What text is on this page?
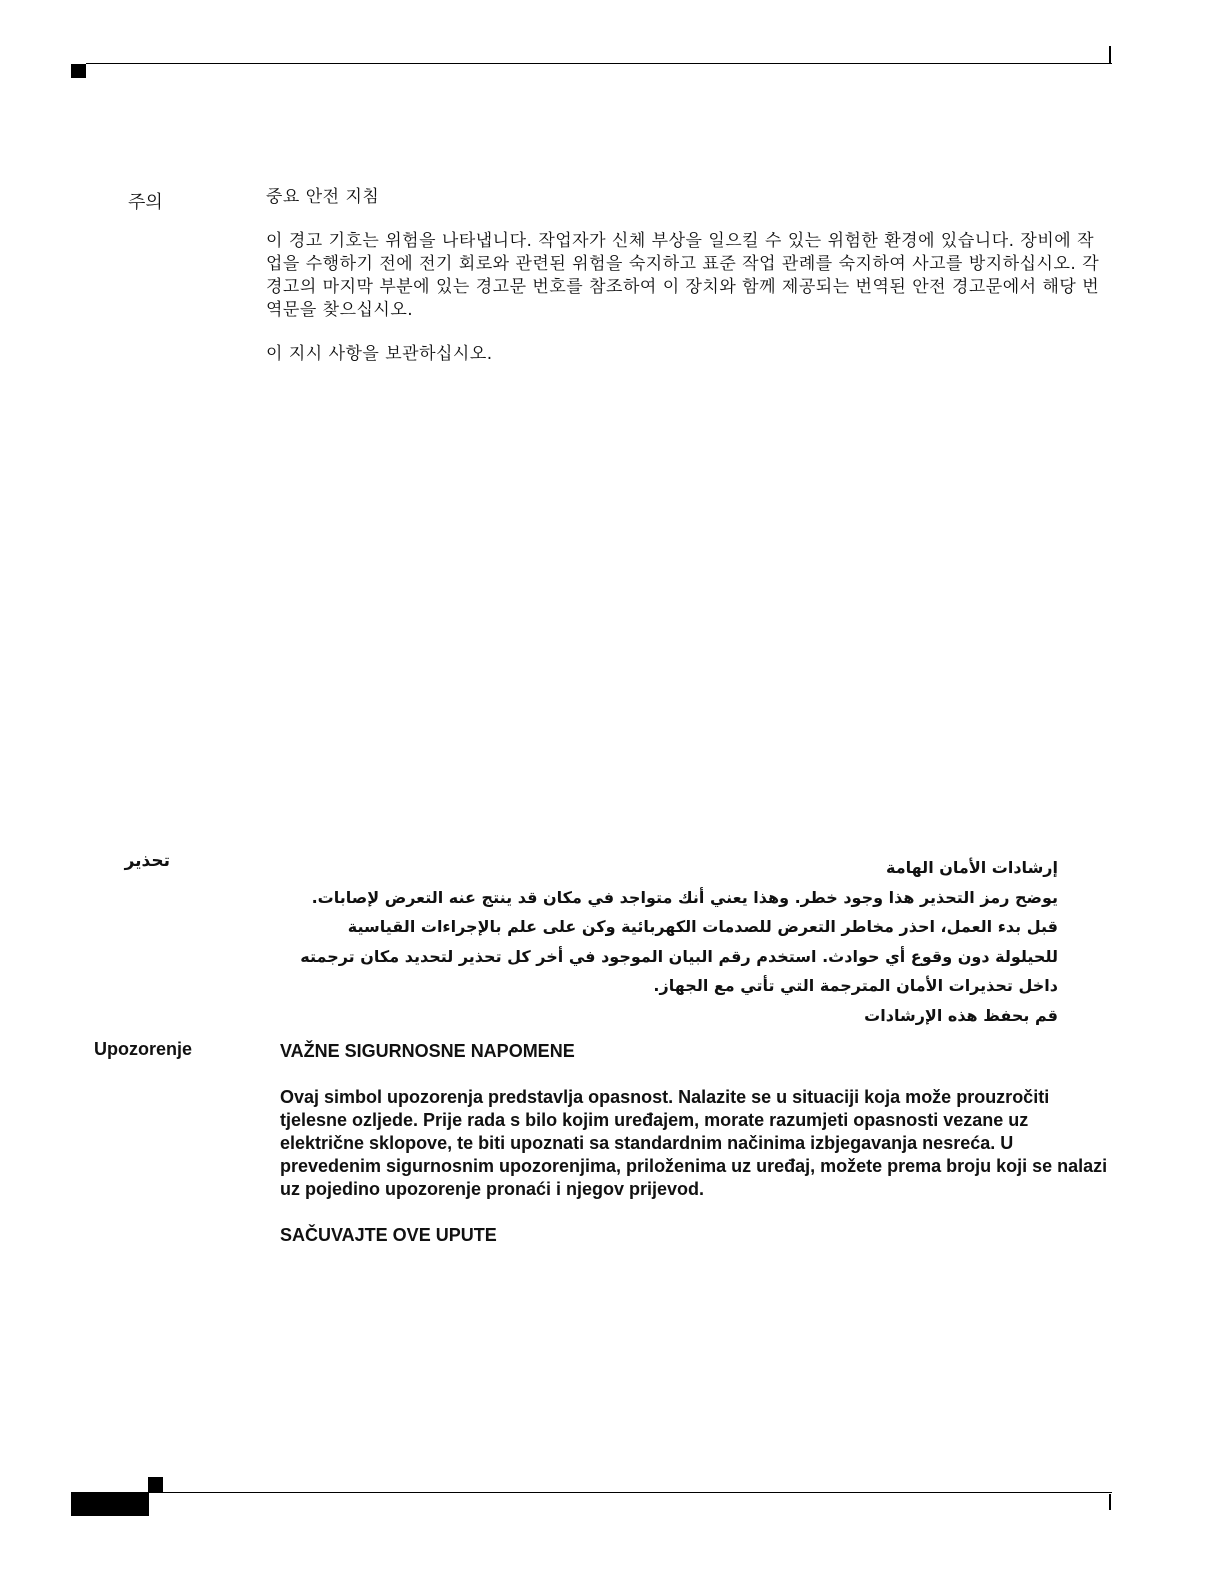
주의	중요 안전 지침

이 경고 기호는 위험을 나타냅니다. 작업자가 신체 부상을 일으킬 수 있는 위험한 환경에 있습니다. 장비에 작업을 수행하기 전에 전기 회로와 관련된 위험을 숙지하고 표준 작업 관례를 숙지하여 사고를 방지하십시오. 각 경고의 마지막 부분에 있는 경고문 번호를 참조하여 이 장치와 함께 제공되는 번역된 안전 경고문에서 해당 번역문을 찾으십시오.

이 지시 사항을 보관하십시오.

تحذير	إرشادات الأمان الهامة

يوضح رمز التحذير هذا وجود خطر. وهذا يعني أنك متواجد في مكان قد ينتج عنه التعرض لإصابات. قبل بدء العمل، احذر مخاطر التعرض للصدمات الكهربائية وكن على علم بالإجراءات القياسية للحيلولة دون وقوع أي حوادث. استخدم رقم البيان الموجود في أخر كل تحذير لتحديد مكان ترجمته داخل تحذيرات الأمان المترجمة التي تأتي مع الجهاز.

قم بحفظ هذه الإرشادات

Upozorenje	VAŽNE SIGURNOSNE NAPOMENE

Ovaj simbol upozorenja predstavlja opasnost. Nalazite se u situaciji koja može prouzročiti tjelesne ozljede. Prije rada s bilo kojim uređajem, morate razumjeti opasnosti vezane uz električne sklopove, te biti upoznati sa standardnim načinima izbjegavanja nesreća. U prevedenim sigurnosnim upozorenjima, priloženima uz uređaj, možete prema broju koji se nalazi uz pojedino upozorenje pronaći i njegov prijevod.

SAČUVAJTE OVE UPUTE
